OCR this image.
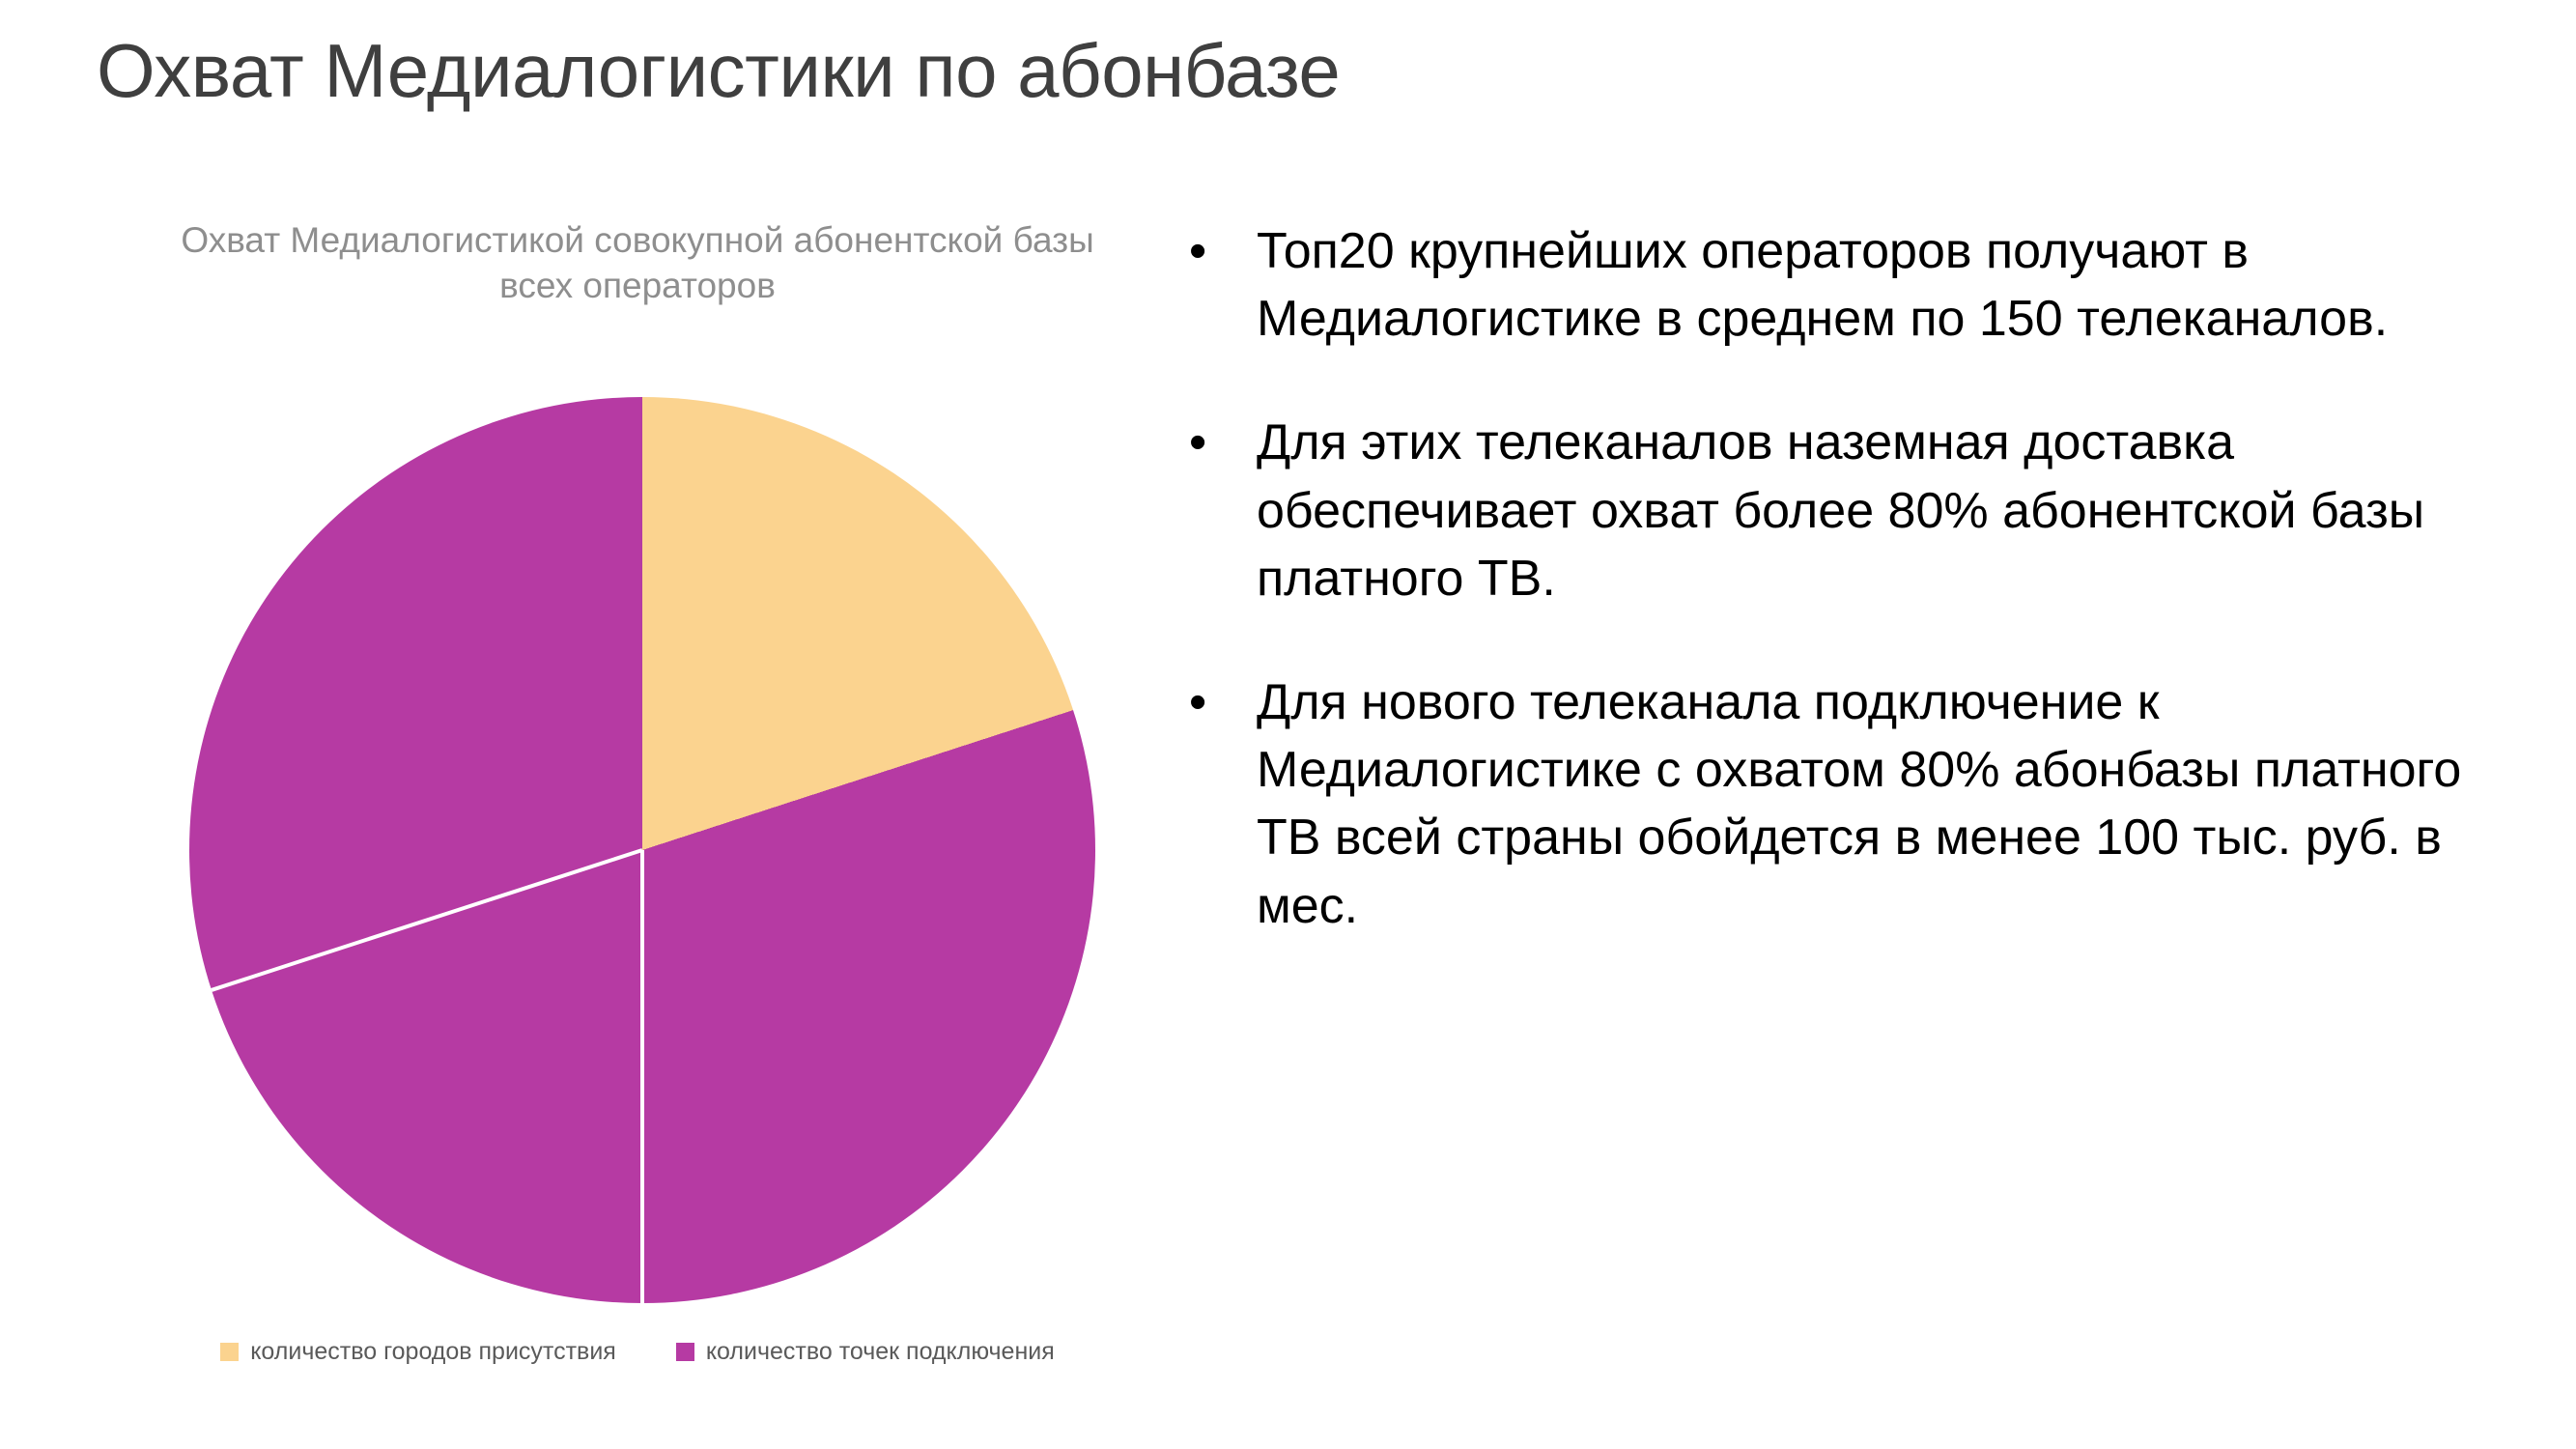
Охват Медиалогистики по абонбазе
Охват Медиалогистикой совокупной абонентской базы всех операторов
количество городов присутствия	количество точек подключения
• Топ20 крупнейших операторов получают в Медиалогистике в среднем по 150 телеканалов.
• Для этих телеканалов наземная доставка обеспечивает охват более 80% абонентской базы платного ТВ.
• Для нового телеканала подключение к Медиалогистике с охватом 80% абонбазы платного ТВ всей страны обойдется в менее 100 тыс. руб. в мес.
